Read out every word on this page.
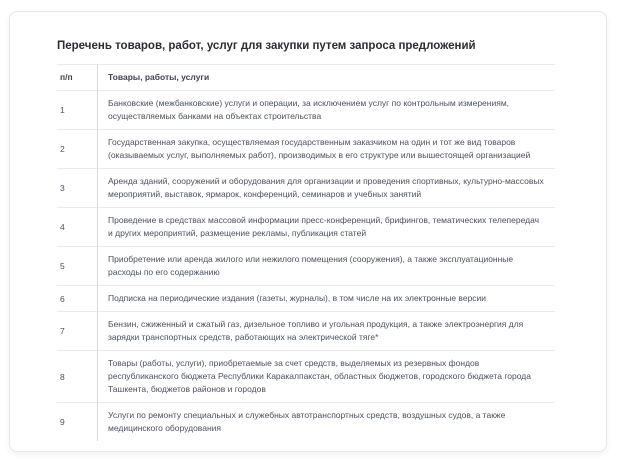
Перечень товаров, работ, услуг для закупки путем запроса предложений
п/п	Товары, работы, услуги
1	Банковские (межбанковские) услуги и операции, за исключением услуг по контрольным измерениям, осуществляемых банками на объектах строительства
2	Государственная закупка, осуществляемая государственным заказчиком на один и тот же вид товаров (оказываемых услуг, выполняемых работ), производимых в его структуре или вышестоящей организацией
3	Аренда зданий, сооружений и оборудования для организации и проведения спортивных, культурно-массовых мероприятий, выставок, ярмарок, конференций, семинаров и учебных занятий
4	Проведение в средствах массовой информации пресс-конференций, брифингов, тематических телепередач и других мероприятий, размещение рекламы, публикация статей
5	Приобретение или аренда жилого или нежилого помещения (сооружения), а также эксплуатационные расходы по его содержанию
6	Подписка на периодические издания (газеты, журналы), в том числе на их электронные версии
7	Бензин, сжиженный и сжатый газ, дизельное топливо и угольная продукция, а также электроэнергия для зарядки транспортных средств, работающих на электрической тяге*
8	Товары (работы, услуги), приобретаемые за счет средств, выделяемых из резервных фондов республиканского бюджета Республики Каракалпакстан, областных бюджетов, городского бюджета города Ташкента, бюджетов районов и городов
9	Услуги по ремонту специальных и служебных автотранспортных средств, воздушных судов, а также медицинского оборудования
